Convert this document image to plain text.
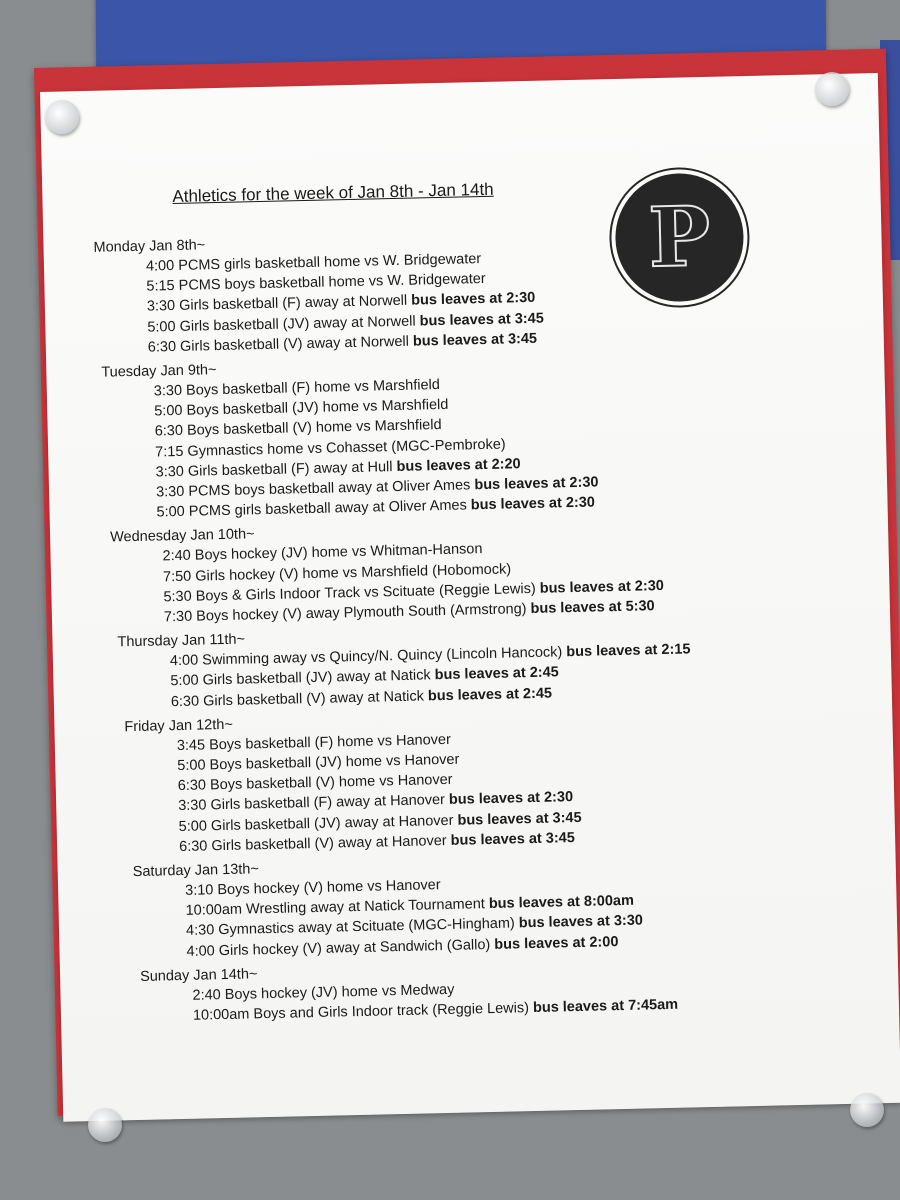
Athletics for the week of Jan 8th - Jan 14th	P
Monday Jan 8th~
4:00 PCMS girls basketball home vs W. Bridgewater
5:15 PCMS boys basketball home vs W. Bridgewater
3:30 Girls basketball (F) away at Norwell bus leaves at 2:30
5:00 Girls basketball (JV) away at Norwell bus leaves at 3:45
6:30 Girls basketball (V) away at Norwell bus leaves at 3:45
Tuesday Jan 9th~
3:30 Boys basketball (F) home vs Marshfield
5:00 Boys basketball (JV) home vs Marshfield
6:30 Boys basketball (V) home vs Marshfield
7:15 Gymnastics home vs Cohasset (MGC-Pembroke)
3:30 Girls basketball (F) away at Hull bus leaves at 2:20
3:30 PCMS boys basketball away at Oliver Ames bus leaves at 2:30
5:00 PCMS girls basketball away at Oliver Ames bus leaves at 2:30
Wednesday Jan 10th~
2:40 Boys hockey (JV) home vs Whitman-Hanson
7:50 Girls hockey (V) home vs Marshfield (Hobomock)
5:30 Boys & Girls Indoor Track vs Scituate (Reggie Lewis) bus leaves at 2:30
7:30 Boys hockey (V) away Plymouth South (Armstrong) bus leaves at 5:30
Thursday Jan 11th~
4:00 Swimming away vs Quincy/N. Quincy (Lincoln Hancock) bus leaves at 2:15
5:00 Girls basketball (JV) away at Natick bus leaves at 2:45
6:30 Girls basketball (V) away at Natick bus leaves at 2:45
Friday Jan 12th~
3:45 Boys basketball (F) home vs Hanover
5:00 Boys basketball (JV) home vs Hanover
6:30 Boys basketball (V) home vs Hanover
3:30 Girls basketball (F) away at Hanover bus leaves at 2:30
5:00 Girls basketball (JV) away at Hanover bus leaves at 3:45
6:30 Girls basketball (V) away at Hanover bus leaves at 3:45
Saturday Jan 13th~
3:10 Boys hockey (V) home vs Hanover
10:00am Wrestling away at Natick Tournament bus leaves at 8:00am
4:30 Gymnastics away at Scituate (MGC-Hingham) bus leaves at 3:30
4:00 Girls hockey (V) away at Sandwich (Gallo) bus leaves at 2:00
Sunday Jan 14th~
2:40 Boys hockey (JV) home vs Medway
10:00am Boys and Girls Indoor track (Reggie Lewis) bus leaves at 7:45am
